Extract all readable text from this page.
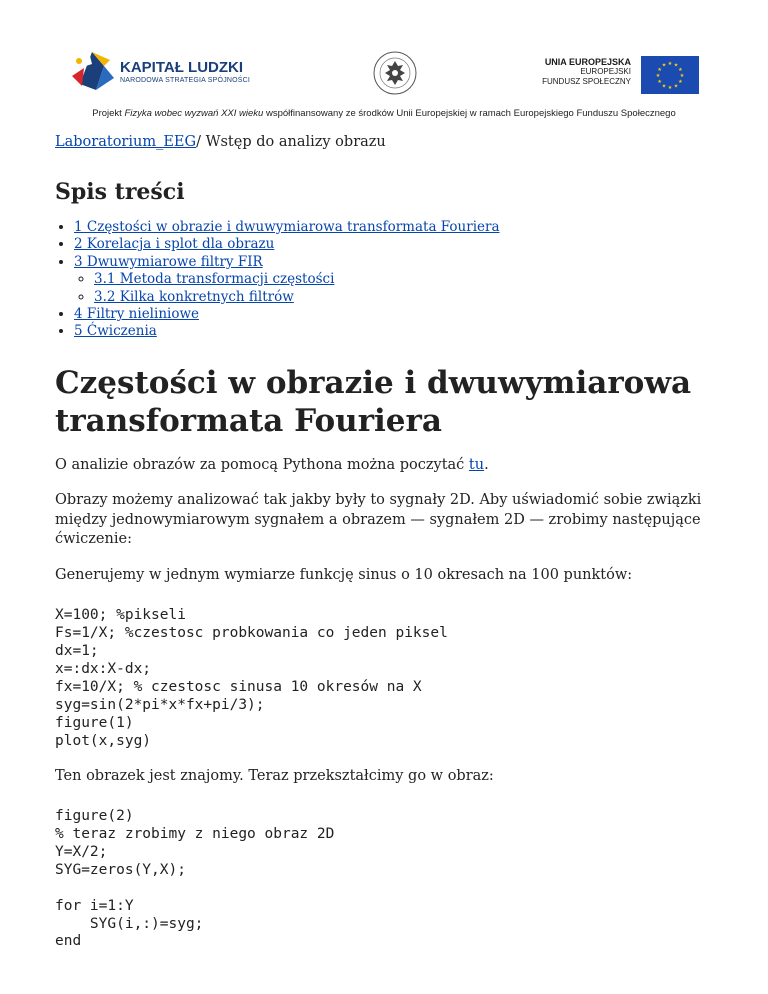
KAPITAŁ LUDZKI
NARODOWA STRATEGIA SPÓJNOŚCI
UNIA EUROPEJSKA
EUROPEJSKI
FUNDUSZ SPOŁECZNY
★
★
★
★
★
★
★
★
★ ★ ★
★
Projekt Fizyka wobec wyzwań XXI wieku współfinansowany ze środków Unii Europejskiej w ramach Europejskiego Funduszu Społecznego
Laboratorium_EEG/ Wstęp do analizy obrazu
Spis treści
• 1 Częstości w obrazie i dwuwymiarowa transformata Fouriera
• 2 Korelacja i splot dla obrazu
• 3 Dwuwymiarowe filtry FIR
◦ 3.1 Metoda transformacji częstości
◦ 3.2 Kilka konkretnych filtrów
• 4 Filtry nieliniowe
• 5 Ćwiczenia
Częstości w obrazie i dwuwymiarowa
transformata Fouriera

O analizie obrazów za pomocą Pythona można poczytać tu.

Obrazy możemy analizować tak jakby były to sygnały 2D. Aby uświadomić sobie związki między jednowymiarowym sygnałem a obrazem — sygnałem 2D — zrobimy następujące ćwiczenie:

Generujemy w jednym wymiarze funkcję sinus o 10 okresach na 100 punktów:

X=100; %pikseli
Fs=1/X; %czestosc probkowania co jeden piksel
dx=1;
x=:dx:X-dx;
fx=10/X; % czestosc sinusa 10 okresów na X
syg=sin(2*pi*x*fx+pi/3);
figure(1)
plot(x,syg)

Ten obrazek jest znajomy. Teraz przekształcimy go w obraz:

figure(2)
% teraz zrobimy z niego obraz 2D
Y=X/2;
SYG=zeros(Y,X);
for i=1:Y
SYG(i,:)=syg;
end
